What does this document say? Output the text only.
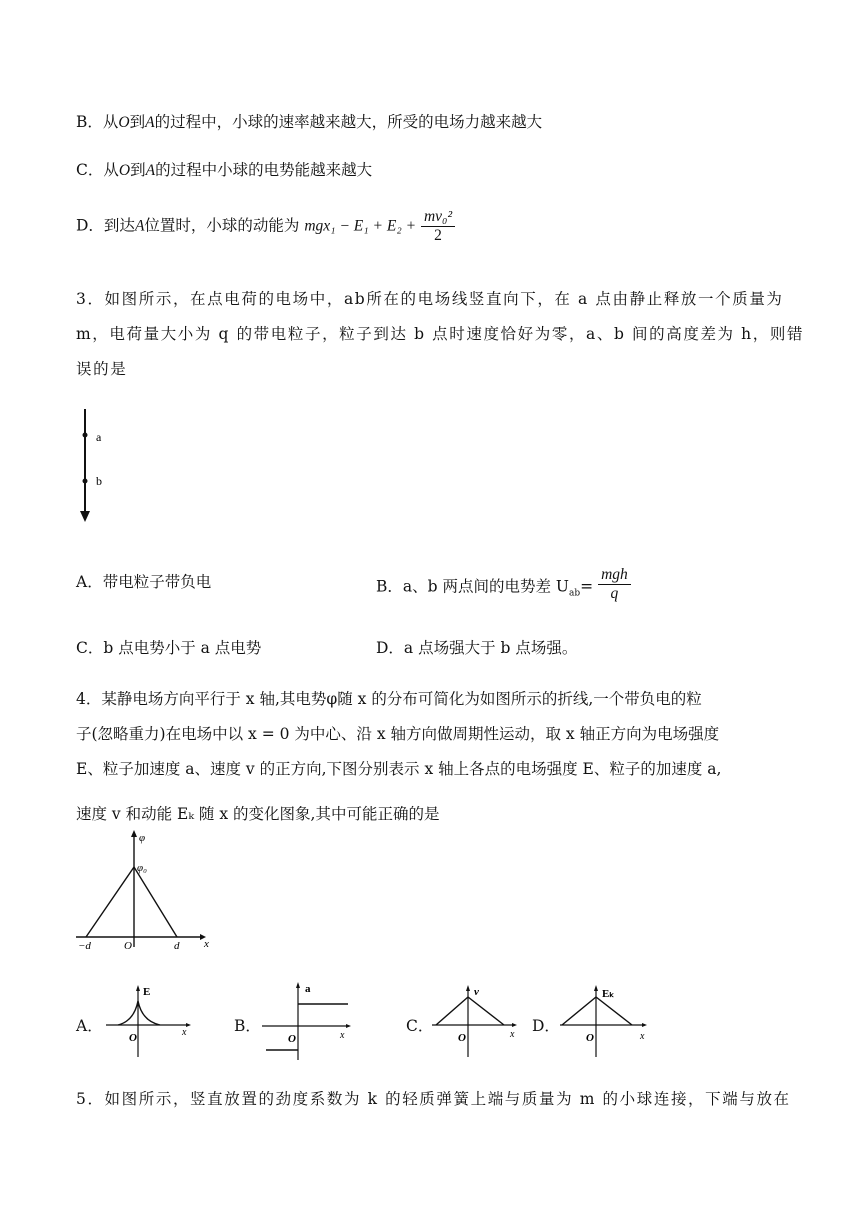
B．从O到A的过程中，小球的速率越来越大，所受的电场力越来越大
C．从O到A的过程中小球的电势能越来越大
D．到达A位置时，小球的动能为 $mgx_1 - E_1 + E_2 + \frac{\text{mv₀²}}{2}$
3．如图所示，在点电荷的电场中，ab所在的电场线竖直向下，在 a 点由静止释放一个质量为
m，电荷量大小为 q 的带电粒子，粒子到达 b 点时速度恰好为零，a、b 间的高度差为 h，则错
误的是
a
b
A．带电粒子带负电	B．a、b 两点间的电势差 $U_{ab}= \frac{\text{mgh}}{q}$
C．b 点电势小于 a 点电势	D．a 点场强大于 b 点场强。
4．某静电场方向平行于 x 轴,其电势φ随 x 的分布可简化为如图所示的折线,一个带负电的粒
子(忽略重力)在电场中以 x = 0 为中心、沿 x 轴方向做周期性运动，取 x 轴正方向为电场强度
E、粒子加速度 a、速度 v 的正方向,下图分别表示 x 轴上各点的电场强度 E、粒子的加速度 a,
速度 v 和动能 Eₖ 随 x 的变化图象,其中可能正确的是
φ
φ₀
−d	O	d x
A．	B．	C．	D．
E
O	x
a
O	x
v
O	x
Eₖ
O	x
5．如图所示，竖直放置的劲度系数为 k 的轻质弹簧上端与质量为 m 的小球连接，下端与放在
